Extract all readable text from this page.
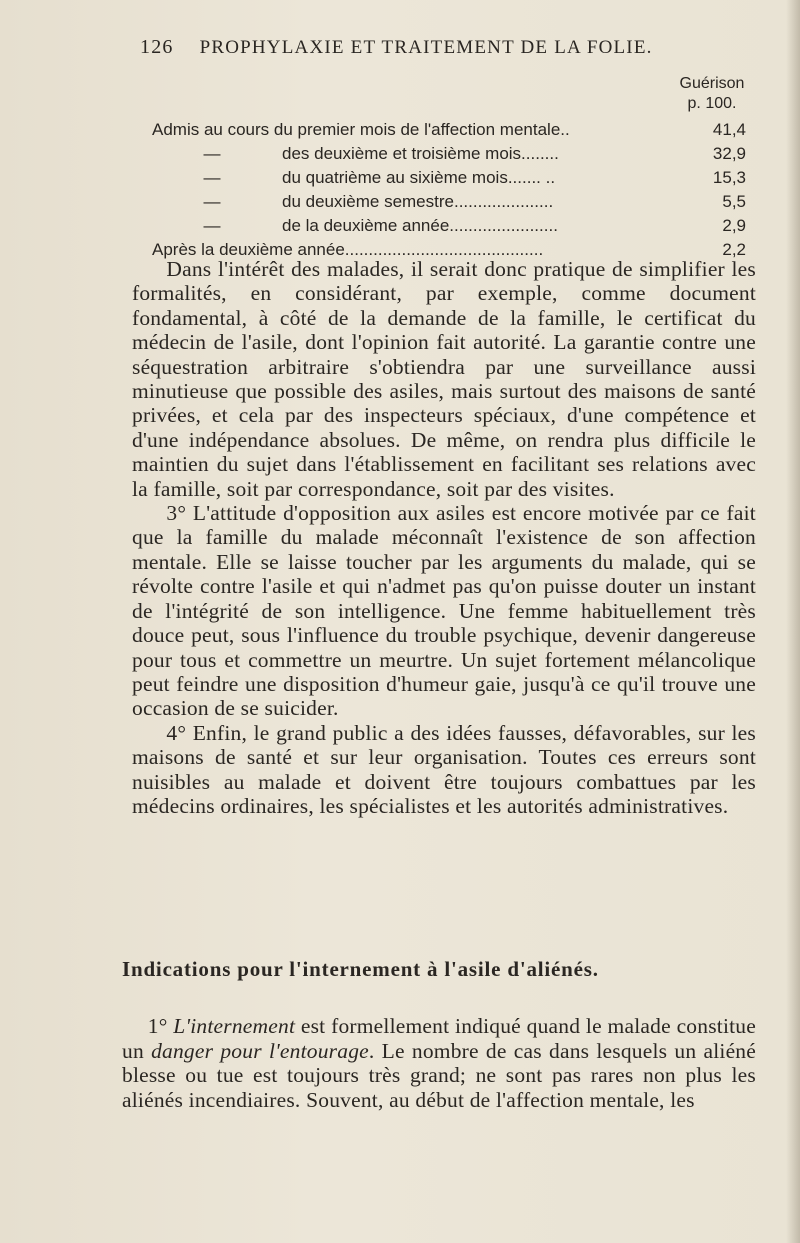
126 PROPHYLAXIE ET TRAITEMENT DE LA FOLIE.
Guérison
p. 100.
Admis au cours du premier mois de l'affection mentale..	41,4
—	des deuxième et troisième mois........	32,9
—	du quatrième au sixième mois....... ..	15,3
—	du deuxième semestre.....................	5,5
—	de la deuxième année.......................	2,9
Après la deuxième année..........................................	2,2

Dans l'intérêt des malades, il serait donc pratique de simplifier les formalités, en considérant, par exemple, comme document fondamental, à côté de la demande de la famille, le certificat du médecin de l'asile, dont l'opinion fait autorité. La garantie contre une séquestration arbitraire s'obtiendra par une surveillance aussi minutieuse que possible des asiles, mais surtout des maisons de santé privées, et cela par des inspecteurs spéciaux, d'une compétence et d'une indépendance absolues. De même, on rendra plus difficile le maintien du sujet dans l'établissement en facilitant ses relations avec la famille, soit par correspondance, soit par des visites.

3° L'attitude d'opposition aux asiles est encore motivée par ce fait que la famille du malade méconnaît l'existence de son affection mentale. Elle se laisse toucher par les arguments du malade, qui se révolte contre l'asile et qui n'admet pas qu'on puisse douter un instant de l'intégrité de son intelligence. Une femme habituellement très douce peut, sous l'influence du trouble psychique, devenir dangereuse pour tous et commettre un meurtre. Un sujet fortement mélancolique peut feindre une disposition d'humeur gaie, jusqu'à ce qu'il trouve une occasion de se suicider.

4° Enfin, le grand public a des idées fausses, défavorables, sur les maisons de santé et sur leur organisation. Toutes ces erreurs sont nuisibles au malade et doivent être toujours combattues par les médecins ordinaires, les spécialistes et les autorités administratives.

Indications pour l'internement à l'asile d'aliénés.

1° L'internement est formellement indiqué quand le malade constitue un danger pour l'entourage. Le nombre de cas dans lesquels un aliéné blesse ou tue est toujours très grand; ne sont pas rares non plus les aliénés incendiaires. Souvent, au début de l'affection mentale, les
